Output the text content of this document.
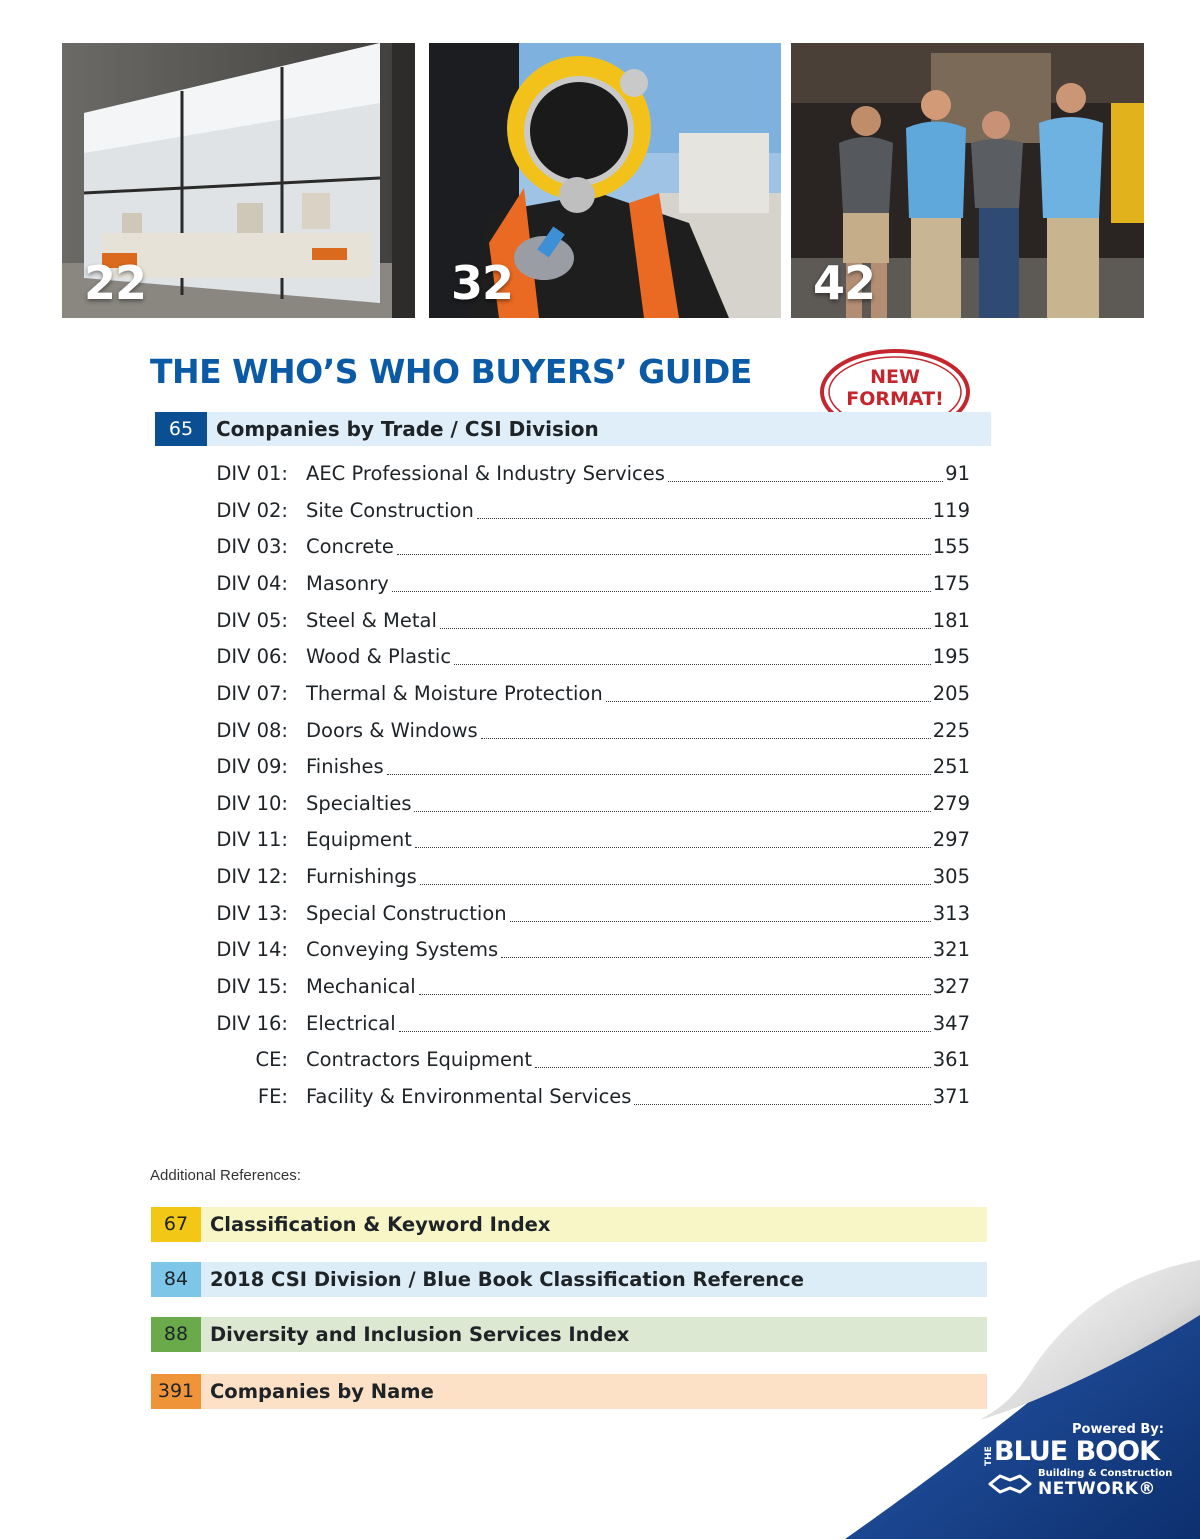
22	32	42
THE WHO’S WHO BUYERS’ GUIDE	NEW
FORMAT!
65	Companies by Trade / CSI Division
DIV 01: AEC Professional & Industry Services	91
DIV 02: Site Construction	119
DIV 03: Concrete	155
DIV 04: Masonry	175
DIV 05: Steel & Metal	181
DIV 06: Wood & Plastic	195
DIV 07: Thermal & Moisture Protection	205
DIV 08: Doors & Windows	225
DIV 09: Finishes	251
DIV 10: Specialties	279
DIV 11: Equipment	297
DIV 12: Furnishings	305
DIV 13: Special Construction	313
DIV 14: Conveying Systems	321
DIV 15: Mechanical	327
DIV 16: Electrical	347
CE: Contractors Equipment	361
FE: Facility & Environmental Services	371
Additional References:
67	Classification & Keyword Index
84	2018 CSI Division / Blue Book Classification Reference
88	Diversity and Inclusion Services Index
391 Companies by Name
Powered By:
THE BLUE BOOK
Building & Construction
NETWORK®
